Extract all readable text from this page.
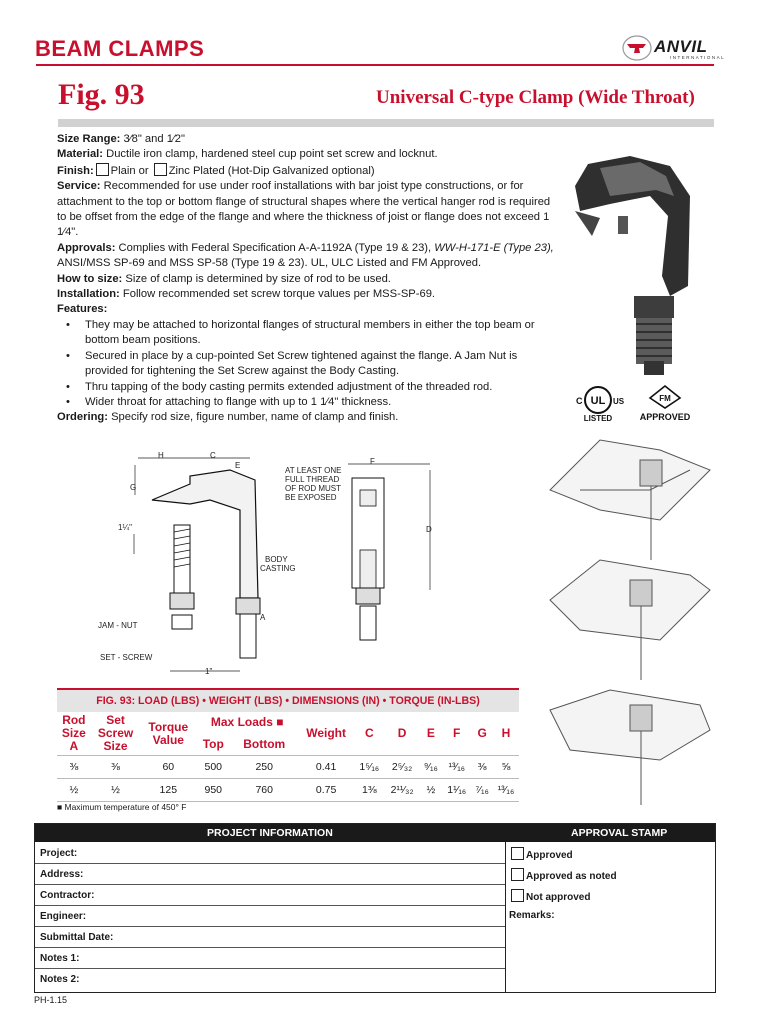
BEAM CLAMPS	ANVIL
INTERNATIONAL
Fig. 93	Universal C-type Clamp (Wide Throat)

Size Range: 3⁄8" and 1⁄2"

Material: Ductile iron clamp, hardened steel cup point set screw and locknut.

Finish: Plain or Zinc Plated (Hot-Dip Galvanized optional)

Service: Recommended for use under roof installations with bar joist type constructions, or for attachment to the top or bottom flange of structural shapes where the vertical hanger rod is required to be offset from the edge of the flange and where the thickness of joist or flange does not exceed 1 1⁄4".

Approvals: Complies with Federal Specification A-A-1192A (Type 19 & 23), WW-H-171-E (Type 23), ANSI/MSS SP-69 and MSS SP-58 (Type 19 & 23). UL, ULC Listed and FM Approved.

How to size: Size of clamp is determined by size of rod to be used.

Installation: Follow recommended set screw torque values per MSS-SP-69.

Features:

• They may be attached to horizontal flanges of structural members in either the top beam or bottom beam positions.
• Secured in place by a cup-pointed Set Screw tightened against the flange. A Jam Nut is provided for tightening the Set Screw against the Body Casting.
• Thru tapping of the body casting permits extended adjustment of the threaded rod.
• Wider throat for attaching to flange with up to 1 1⁄4" thickness.

Ordering: Specify rod size, figure number, name of clamp and finish.

UL
C	US
LISTED
FM
APPROVED
H	C
E
G
1¼"
AT LEAST ONE
FULL THREAD
OF ROD MUST
BE EXPOSED
BODY
CASTING
JAM - NUT
SET - SCREW
A
1"
F
D
FIG. 93: LOAD (LBS) • WEIGHT (LBS) • DIMENSIONS (IN) • TORQUE (IN-LBS)
Rod
Size
A	Set
Screw
Size	Torque
Value	Max Loads ■		Weight	C	D	E	F	G	H
			Top	Bottom							
⅜	⅜	60	500	250	0.41	1⁵⁄₁₆	2⁵⁄₃₂	⁹⁄₁₆	¹³⁄₁₆	⅜	⅝
½	½	125	950	760	0.75	1⅜	2¹¹⁄₃₂	½	1¹⁄₁₆	⁷⁄₁₆	¹³⁄₁₆
■ Maximum temperature of 450° F
PROJECT INFORMATION	APPROVAL STAMP
Project:
Address:
Contractor:
Engineer:
Submittal Date:
Notes 1:
Notes 2:
Approved
Approved as noted
Not approved
Remarks:
PH-1.15
